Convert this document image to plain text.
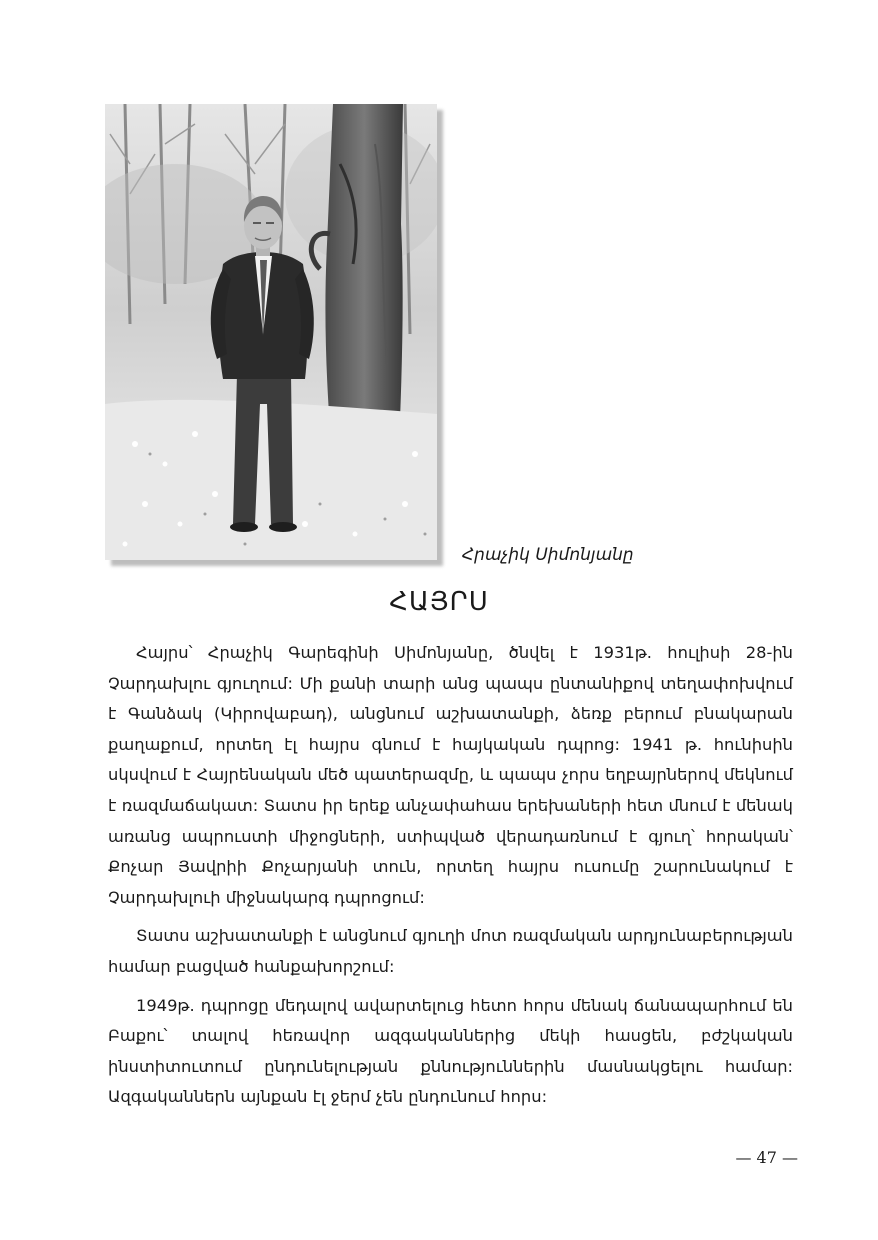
Հրաչիկ Սիմոնյանը
ՀԱՅՐՍ

Հայրս՝ Հրաչիկ Գարեգինի Սիմոնյանը, ծնվել է 1931թ. հուլիսի 28-ին Չարդախլու գյուղում: Մի քանի տարի անց պապս ընտանիքով տեղափոխվում է Գանձակ (Կիրովաբադ), անցնում աշխատանքի, ձեռք բերում բնակարան քաղաքում, որտեղ էլ հայրս գնում է հայկական դպրոց: 1941 թ. հունիսին սկսվում է Հայրենական մեծ պատերազմը, և պապս չորս եղբայրներով մեկնում է ռազմաճակատ: Տատս իր երեք անչափահաս երեխաների հետ մնում է մենակ առանց ապրուստի միջոցների, ստիպված վերադառնում է գյուղ՝ հորական՝ Քոչար Յավրիի Քոչարյանի տուն, որտեղ հայրս ուսումը շարունակում է Չարդախլուի միջնակարգ դպրոցում:

Տատս աշխատանքի է անցնում գյուղի մոտ ռազմական արդյունաբերության համար բացված հանքախորշում:

1949թ. դպրոցը մեդալով ավարտելուց հետո հորս մենակ ճանապարհում են Բաքու՝ տալով հեռավոր ազգականներից մեկի հասցեն, բժշկական ինստիտուտում ընդունելության քննություններին մասնակցելու համար: Ազգականներն այնքան էլ ջերմ չեն ընդունում հորս:

— 47 —
